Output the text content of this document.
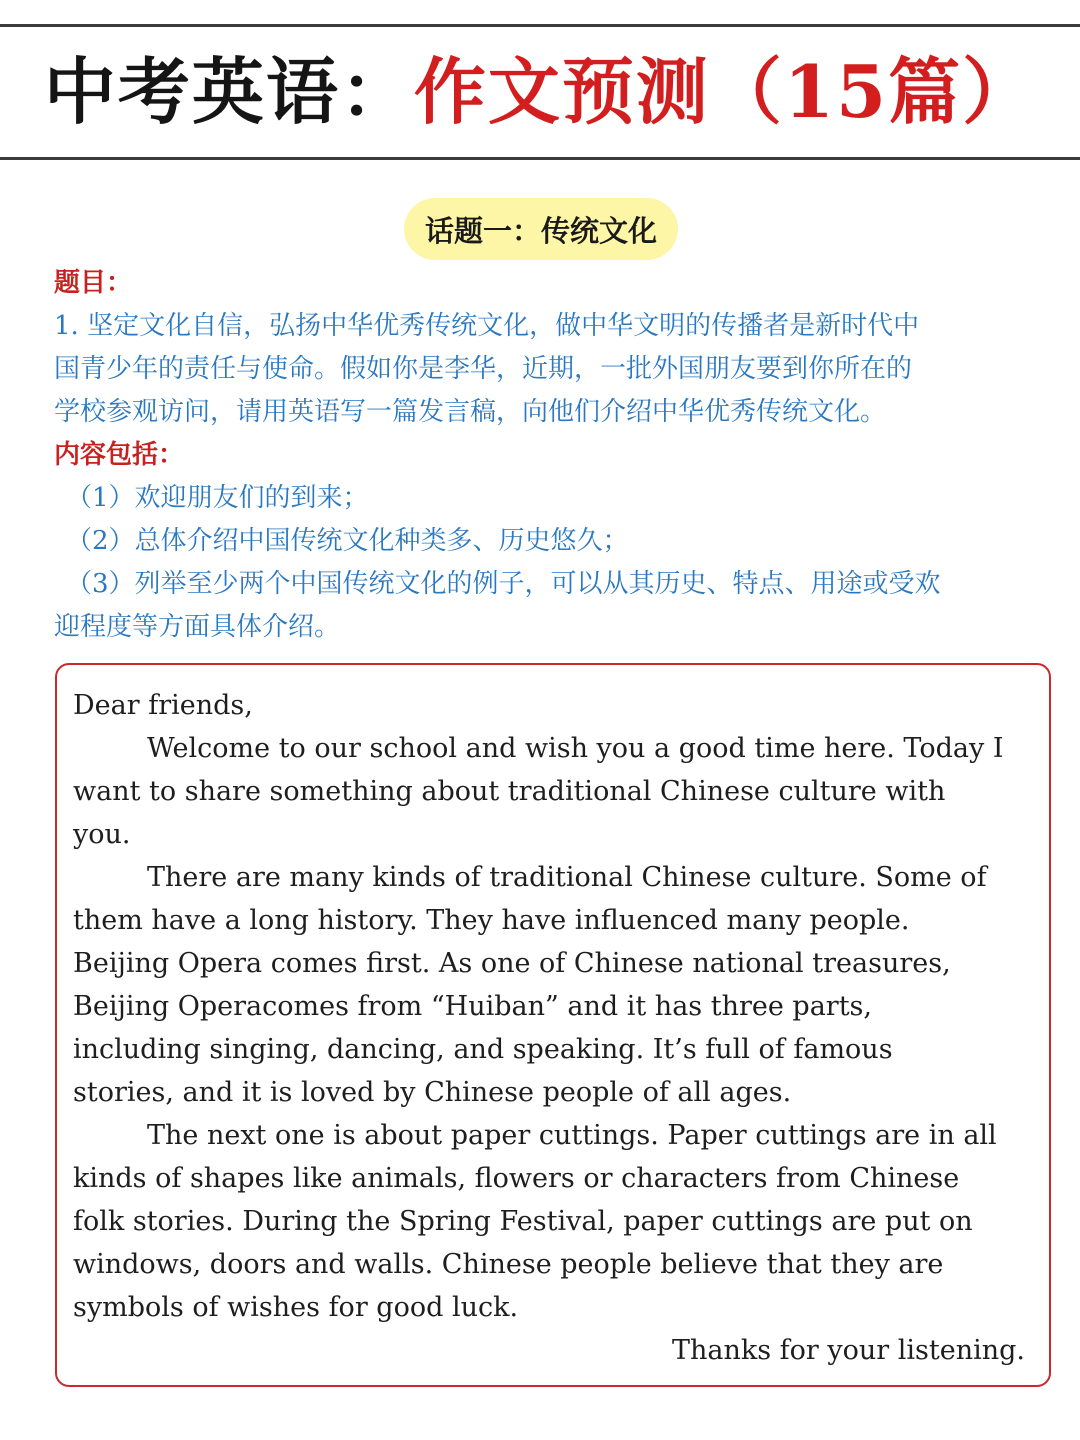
中考英语：作文预测（15篇）
话题一：传统文化
题目：
1. 坚定文化自信，弘扬中华优秀传统文化，做中华文明的传播者是新时代中
国青少年的责任与使命。假如你是李华，近期，一批外国朋友要到你所在的
学校参观访问，请用英语写一篇发言稿，向他们介绍中华优秀传统文化。
内容包括：
（1）欢迎朋友们的到来；
（2）总体介绍中国传统文化种类多、历史悠久；
（3）列举至少两个中国传统文化的例子，可以从其历史、特点、用途或受欢
迎程度等方面具体介绍。
Dear friends,
Welcome to our school and wish you a good time here. Today I
want to share something about traditional Chinese culture with
you.
There are many kinds of traditional Chinese culture. Some of
them have a long history. They have influenced many people.
Beijing Opera comes first. As one of Chinese national treasures,
Beijing Operacomes from “Huiban” and it has three parts,
including singing, dancing, and speaking. It’s full of famous
stories, and it is loved by Chinese people of all ages.
The next one is about paper cuttings. Paper cuttings are in all
kinds of shapes like animals, flowers or characters from Chinese
folk stories. During the Spring Festival, paper cuttings are put on
windows, doors and walls. Chinese people believe that they are
symbols of wishes for good luck.
Thanks for your listening.
